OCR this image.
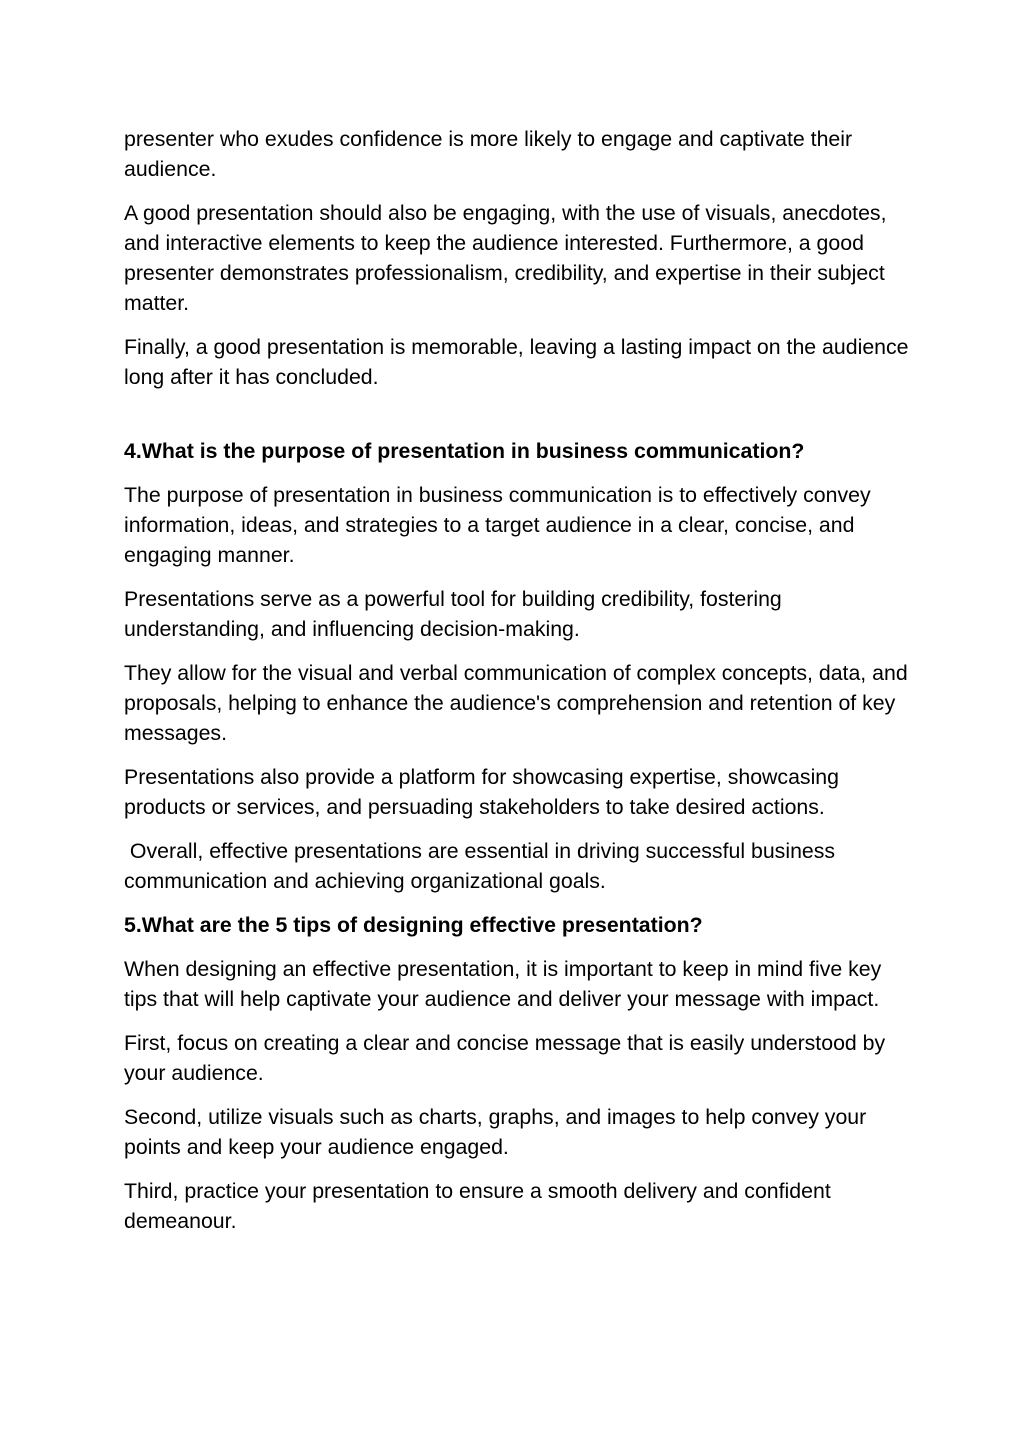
presenter who exudes confidence is more likely to engage and captivate their audience.

A good presentation should also be engaging, with the use of visuals, anecdotes, and interactive elements to keep the audience interested. Furthermore, a good presenter demonstrates professionalism, credibility, and expertise in their subject matter.

Finally, a good presentation is memorable, leaving a lasting impact on the audience long after it has concluded.

4.What is the purpose of presentation in business communication?

The purpose of presentation in business communication is to effectively convey information, ideas, and strategies to a target audience in a clear, concise, and engaging manner.

Presentations serve as a powerful tool for building credibility, fostering understanding, and influencing decision-making.

They allow for the visual and verbal communication of complex concepts, data, and proposals, helping to enhance the audience's comprehension and retention of key messages.

Presentations also provide a platform for showcasing expertise, showcasing products or services, and persuading stakeholders to take desired actions.

Overall, effective presentations are essential in driving successful business communication and achieving organizational goals.

5.What are the 5 tips of designing effective presentation?

When designing an effective presentation, it is important to keep in mind five key tips that will help captivate your audience and deliver your message with impact.

First, focus on creating a clear and concise message that is easily understood by your audience.

Second, utilize visuals such as charts, graphs, and images to help convey your points and keep your audience engaged.

Third, practice your presentation to ensure a smooth delivery and confident demeanour.
